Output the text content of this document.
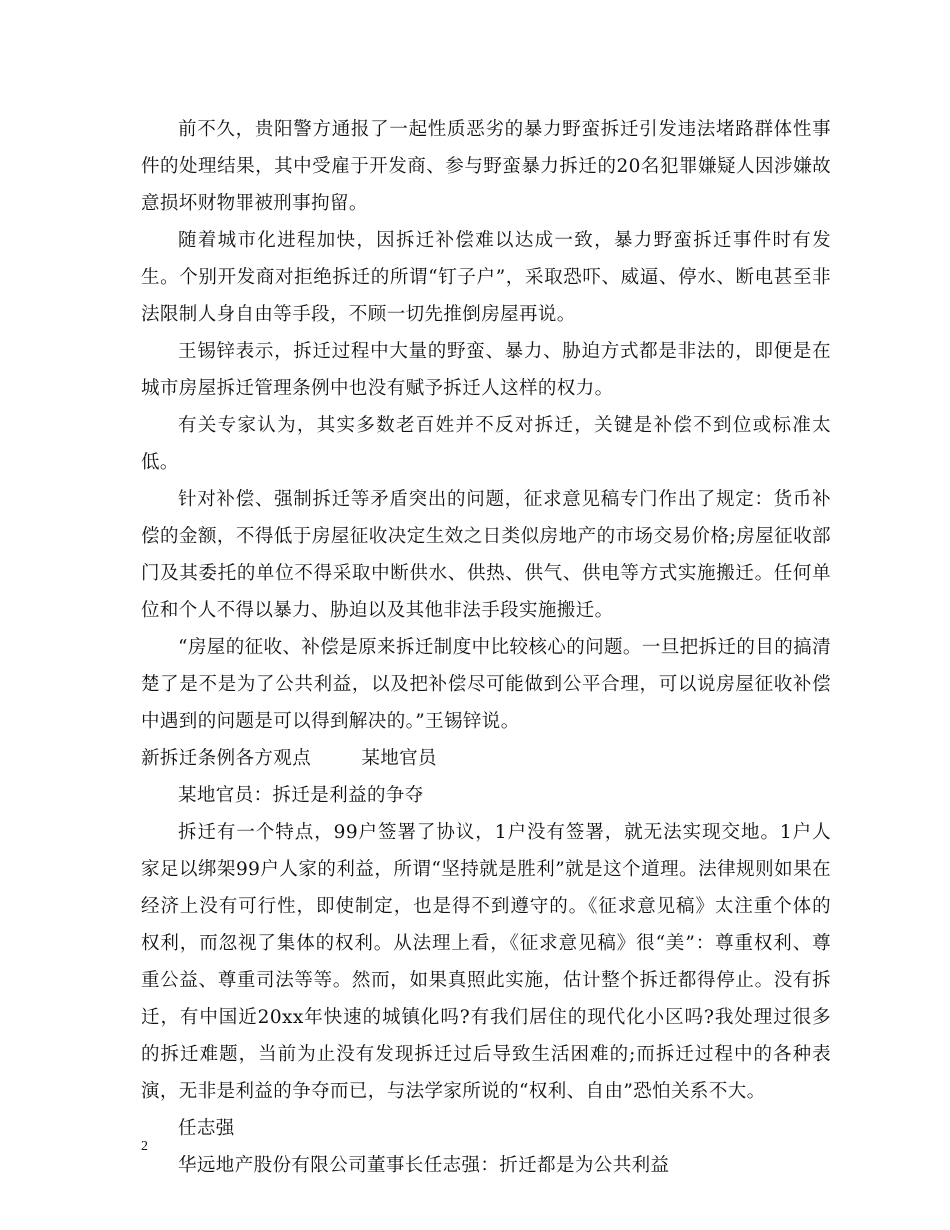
前不久，贵阳警方通报了一起性质恶劣的暴力野蛮拆迁引发违法堵路群体性事件的处理结果，其中受雇于开发商、参与野蛮暴力拆迁的20名犯罪嫌疑人因涉嫌故意损坏财物罪被刑事拘留。

随着城市化进程加快，因拆迁补偿难以达成一致，暴力野蛮拆迁事件时有发生。个别开发商对拒绝拆迁的所谓“钉子户”，采取恐吓、威逼、停水、断电甚至非法限制人身自由等手段，不顾一切先推倒房屋再说。

王锡锌表示，拆迁过程中大量的野蛮、暴力、胁迫方式都是非法的，即便是在城市房屋拆迁管理条例中也没有赋予拆迁人这样的权力。

有关专家认为，其实多数老百姓并不反对拆迁，关键是补偿不到位或标准太低。

针对补偿、强制拆迁等矛盾突出的问题，征求意见稿专门作出了规定：货币补偿的金额，不得低于房屋征收决定生效之日类似房地产的市场交易价格;房屋征收部门及其委托的单位不得采取中断供水、供热、供气、供电等方式实施搬迁。任何单位和个人不得以暴力、胁迫以及其他非法手段实施搬迁。

“房屋的征收、补偿是原来拆迁制度中比较核心的问题。一旦把拆迁的目的搞清楚了是不是为了公共利益，以及把补偿尽可能做到公平合理，可以说房屋征收补偿中遇到的问题是可以得到解决的。”王锡锌说。

新拆迁条例各方观点        某地官员

某地官员：拆迁是利益的争夺

拆迁有一个特点，99户签署了协议，1户没有签署，就无法实现交地。1户人家足以绑架99户人家的利益，所谓“坚持就是胜利”就是这个道理。法律规则如果在经济上没有可行性，即使制定，也是得不到遵守的。《征求意见稿》太注重个体的权利，而忽视了集体的权利。从法理上看，《征求意见稿》很“美”：尊重权利、尊重公益、尊重司法等等。然而，如果真照此实施，估计整个拆迁都得停止。没有拆迁，有中国近20xx年快速的城镇化吗?有我们居住的现代化小区吗?我处理过很多的拆迁难题，当前为止没有发现拆迁过后导致生活困难的;而拆迁过程中的各种表演，无非是利益的争夺而已，与法学家所说的“权利、自由”恐怕关系不大。

任志强

华远地产股份有限公司董事长任志强：折迁都是为公共利益

2
